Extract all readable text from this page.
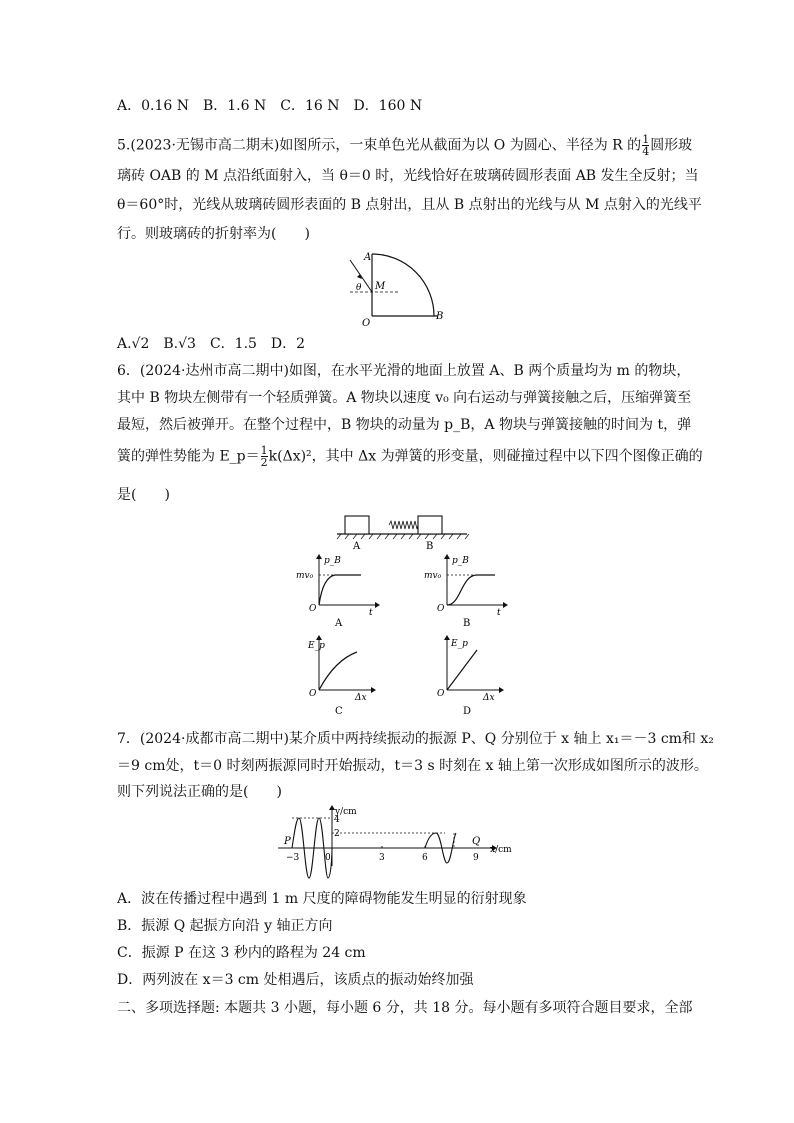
A．0.16 N　B．1.6 N　C．16 N　D．160 N
5.(2023·无锡市高二期末)如图所示，一束单色光从截面为以 O 为圆心、半径为 R 的 $\frac{1}{4}$ 圆形玻
璃砖 OAB 的 M 点沿纸面射入，当 θ＝0 时，光线恰好在玻璃砖圆形表面 AB 发生全反射；当
θ＝60°时，光线从玻璃砖圆形表面的 B 点射出，且从 B 点射出的光线与从 M 点射入的光线平
行。则玻璃砖的折射率为(　　)
A
M
θ
O
B
A.√2　B.√3　C．1.5　D．2
6．(2024·达州市高二期中)如图，在水平光滑的地面上放置 A、B 两个质量均为 m 的物块，
其中 B 物块左侧带有一个轻质弹簧。A 物块以速度 v₀ 向右运动与弹簧接触之后，压缩弹簧至
最短，然后被弹开。在整个过程中，B 物块的动量为 p_B，A 物块与弹簧接触的时间为 t，弹
簧的弹性势能为 E_p＝ $\frac{1}{2} k(\Delta x)^2$，其中 Δx 为弹簧的形变量，则碰撞过程中以下四个图像正确的
是(　　)
A	B
p_B
mv₀
O	t
A
p_B
mv₀
O	t
B
E_p
O	Δx
C
E_p
O	Δx
D
7．(2024·成都市高二期中)某介质中两持续振动的振源 P、Q 分别位于 x 轴上 x₁＝－3 cm和 x₂
＝9 cm处，t＝0 时刻两振源同时开始振动，t＝3 s 时刻在 x 轴上第一次形成如图所示的波形。
则下列说法正确的是(　　)
y/cm
x/cm
4
2
P	Q
−3	0	3	6	9
A．波在传播过程中遇到 1 m 尺度的障碍物能发生明显的衍射现象
B．振源 Q 起振方向沿 y 轴正方向
C．振源 P 在这 3 秒内的路程为 24 cm
D．两列波在 x＝3 cm 处相遇后，该质点的振动始终加强
二、多项选择题: 本题共 3 小题，每小题 6 分，共 18 分。每小题有多项符合题目要求，全部
